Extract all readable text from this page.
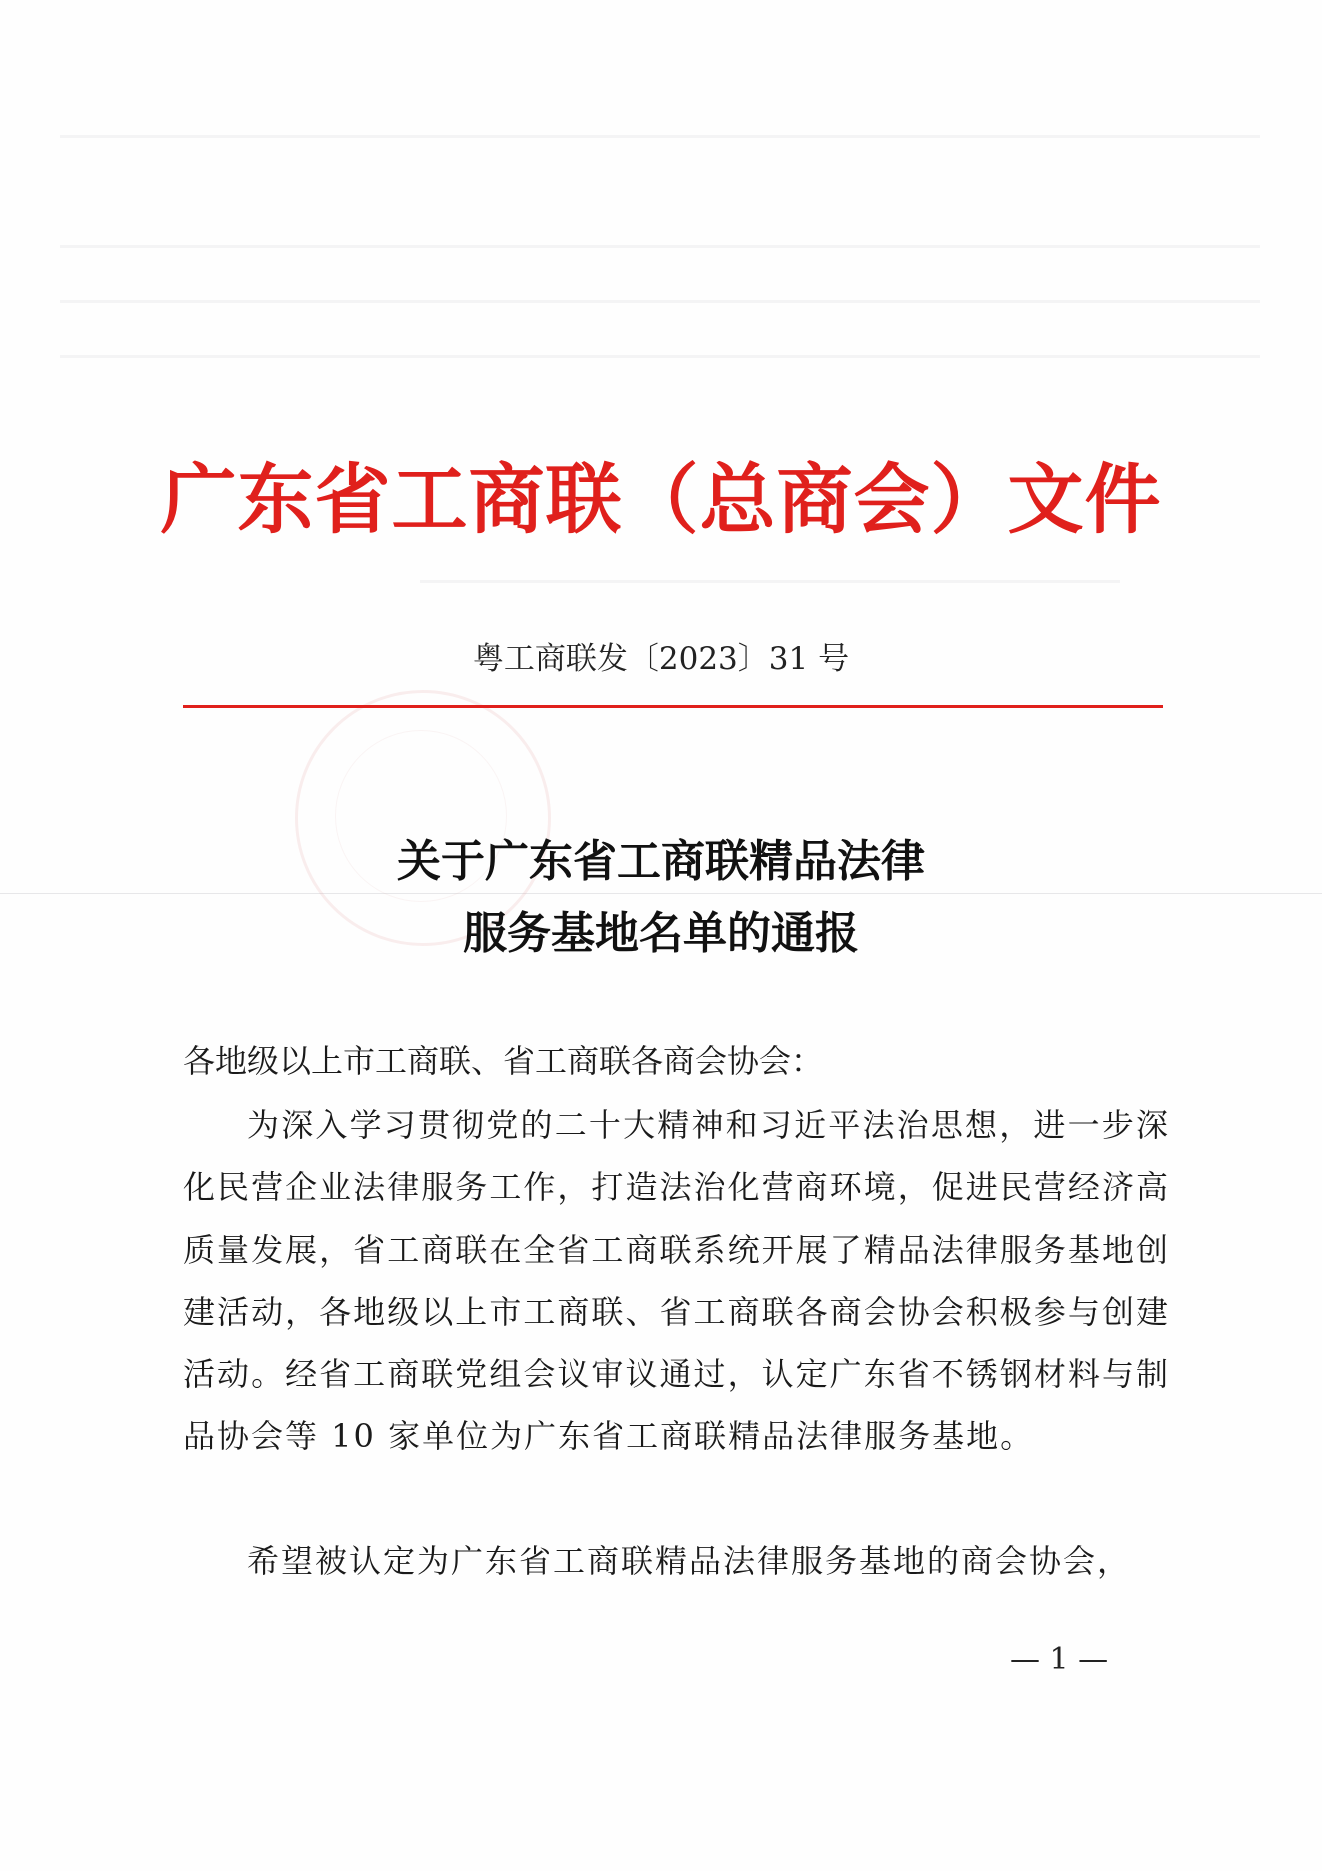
广东省工商联（总商会）文件
粤工商联发〔2023〕31 号
关于广东省工商联精品法律
服务基地名单的通报
各地级以上市工商联、省工商联各商会协会：
为深入学习贯彻党的二十大精神和习近平法治思想，进一步深化民营企业法律服务工作，打造法治化营商环境，促进民营经济高质量发展，省工商联在全省工商联系统开展了精品法律服务基地创建活动，各地级以上市工商联、省工商联各商会协会积极参与创建活动。经省工商联党组会议审议通过，认定广东省不锈钢材料与制品协会等 10 家单位为广东省工商联精品法律服务基地。
希望被认定为广东省工商联精品法律服务基地的商会协会，
— 1 —
